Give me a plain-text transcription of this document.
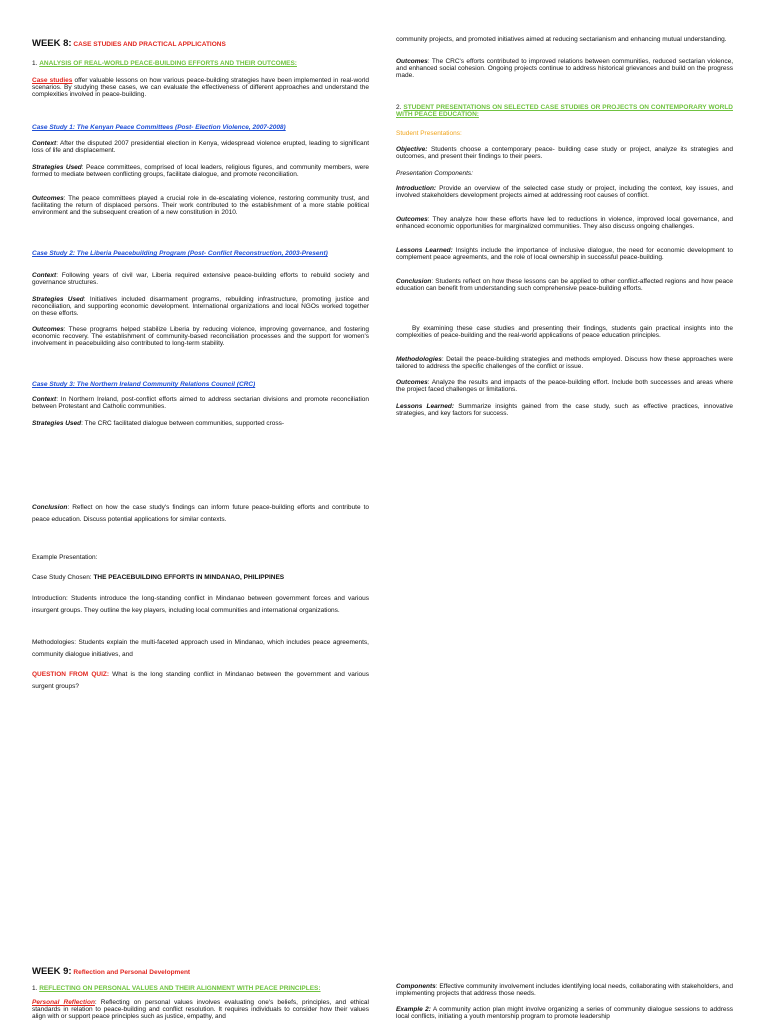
WEEK 8: CASE STUDIES AND PRACTICAL APPLICATIONS
1. ANALYSIS OF REAL-WORLD PEACE-BUILDING EFFORTS AND THEIR OUTCOMES:

Case studies offer valuable lessons on how various peace-building strategies have been implemented in real-world scenarios. By studying these cases, we can evaluate the effectiveness of different approaches and understand the complexities involved in peace-building.

Case Study 1: The Kenyan Peace Committees (Post- Election Violence, 2007-2008)

Context: After the disputed 2007 presidential election in Kenya, widespread violence erupted, leading to significant loss of life and displacement.

Strategies Used: Peace committees, comprised of local leaders, religious figures, and community members, were formed to mediate between conflicting groups, facilitate dialogue, and promote reconciliation.

Outcomes: The peace committees played a crucial role in de-escalating violence, restoring community trust, and facilitating the return of displaced persons. Their work contributed to the establishment of a more stable political environment and the subsequent creation of a new constitution in 2010.

Case Study 2: The Liberia Peacebuilding Program (Post- Conflict Reconstruction, 2003-Present)

Context: Following years of civil war, Liberia required extensive peace-building efforts to rebuild society and governance structures.

Strategies Used: Initiatives included disarmament programs, rebuilding infrastructure, promoting justice and reconciliation, and supporting economic development. International organizations and local NGOs worked together on these efforts.

Outcomes: These programs helped stabilize Liberia by reducing violence, improving governance, and fostering economic recovery. The establishment of community-based reconciliation processes and the support for women's involvement in peacebuilding also contributed to long-term stability.

Case Study 3: The Northern Ireland Community Relations Council (CRC)

Context: In Northern Ireland, post-conflict efforts aimed to address sectarian divisions and promote reconciliation between Protestant and Catholic communities.

Strategies Used: The CRC facilitated dialogue between communities, supported cross-

Conclusion: Reflect on how the case study's findings can inform future peace-building efforts and contribute to peace education. Discuss potential applications for similar contexts.

Example Presentation:

Case Study Chosen: THE PEACEBUILDING EFFORTS IN MINDANAO, PHILIPPINES

Introduction: Students introduce the long-standing conflict in Mindanao between government forces and various insurgent groups. They outline the key players, including local communities and international organizations.

Methodologies: Students explain the multi-faceted approach used in Mindanao, which includes peace agreements, community dialogue initiatives, and

QUESTION FROM QUIZ: What is the long standing conflict in Mindanao between the government and various surgent groups?

WEEK 9: Reflection and Personal Development
1. REFLECTING ON PERSONAL VALUES AND THEIR ALIGNMENT WITH PEACE PRINCIPLES:

Personal Reflection: Reflecting on personal values involves evaluating one's beliefs, principles, and ethical standards in relation to peace-building and conflict resolution. It requires individuals to consider how their values align with or support peace principles such as justice, empathy, and

community projects, and promoted initiatives aimed at reducing sectarianism and enhancing mutual understanding.

Outcomes: The CRC's efforts contributed to improved relations between communities, reduced sectarian violence, and enhanced social cohesion. Ongoing projects continue to address historical grievances and build on the progress made.

2. STUDENT PRESENTATIONS ON SELECTED CASE STUDIES OR PROJECTS ON CONTEMPORARY WORLD WITH PEACE EDUCATION:

Student Presentations:

Objective: Students choose a contemporary peace- building case study or project, analyze its strategies and outcomes, and present their findings to their peers.

Presentation Components:

Introduction: Provide an overview of the selected case study or project, including the context, key issues, and involved stakeholders development projects aimed at addressing root causes of conflict.

Outcomes: They analyze how these efforts have led to reductions in violence, improved local governance, and enhanced economic opportunities for marginalized communities. They also discuss ongoing challenges.

Lessons Learned: Insights include the importance of inclusive dialogue, the need for economic development to complement peace agreements, and the role of local ownership in successful peace-building.

Conclusion: Students reflect on how these lessons can be applied to other conflict-affected regions and how peace education can benefit from understanding such comprehensive peace-building efforts.

By examining these case studies and presenting their findings, students gain practical insights into the complexities of peace-building and the real-world applications of peace education principles.

Methodologies: Detail the peace-building strategies and methods employed. Discuss how these approaches were tailored to address the specific challenges of the conflict or issue.

Outcomes: Analyze the results and impacts of the peace-building effort. Include both successes and areas where the project faced challenges or limitations.

Lessons Learned: Summarize insights gained from the case study, such as effective practices, innovative strategies, and key factors for success.

Components: Effective community involvement includes identifying local needs, collaborating with stakeholders, and implementing projects that address those needs.

Example 2: A community action plan might involve organizing a series of community dialogue sessions to address local conflicts, initiating a youth mentorship program to promote leadership
